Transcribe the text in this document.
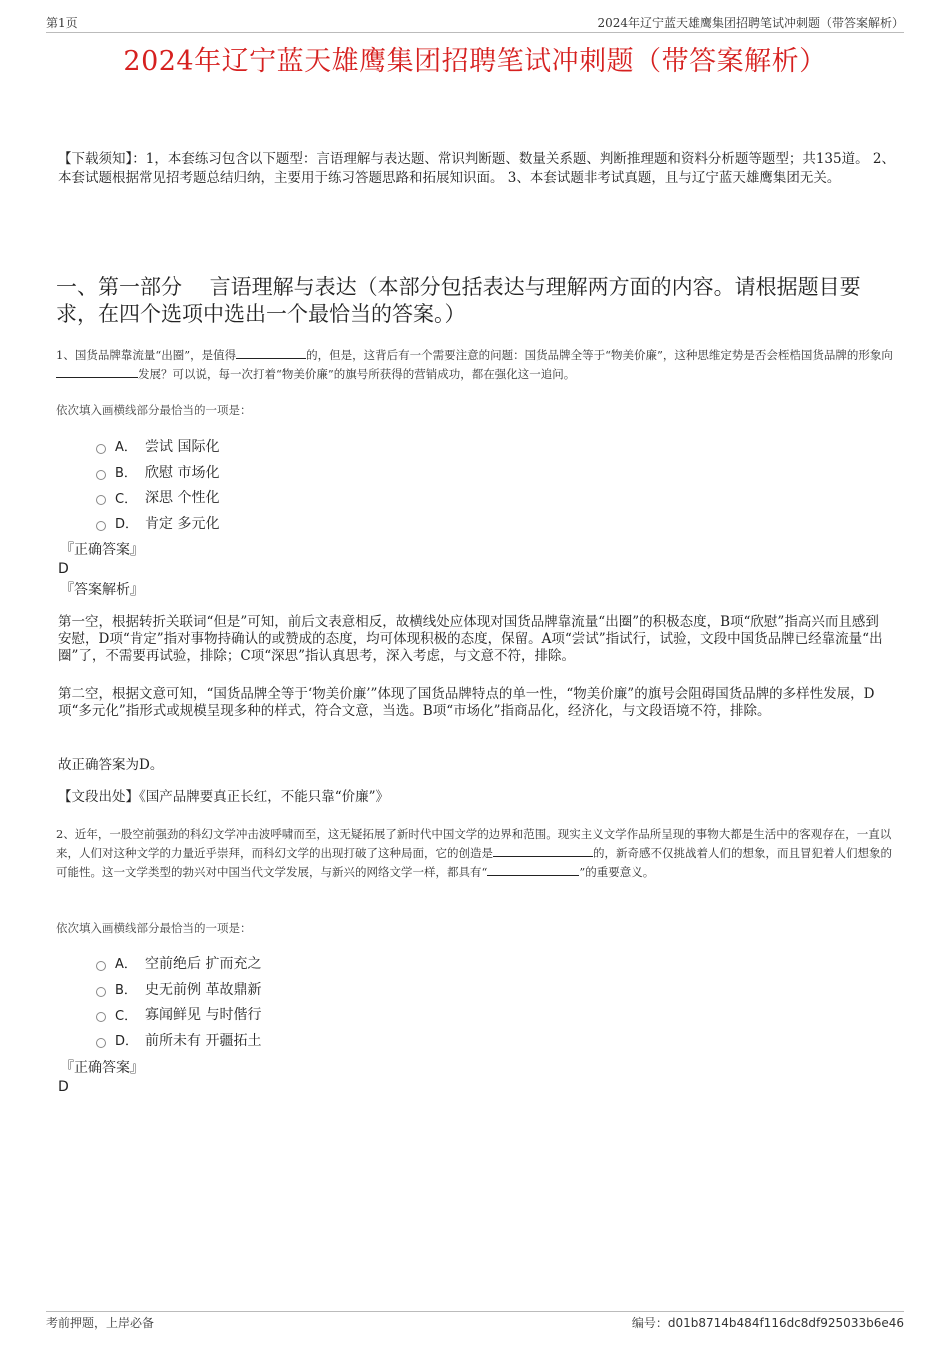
第1页	2024年辽宁蓝天雄鹰集团招聘笔试冲刺题（带答案解析）
2024年辽宁蓝天雄鹰集团招聘笔试冲刺题（带答案解析）
【下载须知】：1，本套练习包含以下题型：言语理解与表达题、常识判断题、数量关系题、判断推理题和资料分析题等题型；共135道。 2、本套试题根据常见招考题总结归纳，主要用于练习答题思路和拓展知识面。 3、本套试题非考试真题，且与辽宁蓝天雄鹰集团无关。
一、第一部分　 言语理解与表达（本部分包括表达与理解两方面的内容。请根据题目要求，在四个选项中选出一个最恰当的答案。）
1、国货品牌靠流量“出圈”，是值得	的，但是，这背后有一个需要注意的问题：国货品牌全等于“物美价廉”，这种思维定势是否会桎梏国货品牌的形象向发展？可以说，每一次打着“物美价廉”的旗号所获得的营销成功，都在强化这一追问。
依次填入画横线部分最恰当的一项是：
A． 尝试 国际化
B． 欣慰 市场化
C． 深思 个性化
D． 肯定 多元化
『正确答案』
D
『答案解析』
第一空，根据转折关联词“但是”可知，前后文表意相反，故横线处应体现对国货品牌靠流量“出圈”的积极态度，B项“欣慰”指高兴而且感到安慰，D项“肯定”指对事物持确认的或赞成的态度，均可体现积极的态度，保留。A项“尝试”指试行，试验，文段中国货品牌已经靠流量“出圈”了，不需要再试验，排除；C项“深思”指认真思考，深入考虑，与文意不符，排除。
第二空，根据文意可知，“国货品牌全等于‘物美价廉’”体现了国货品牌特点的单一性，“物美价廉”的旗号会阻碍国货品牌的多样性发展，D项“多元化”指形式或规模呈现多种的样式，符合文意，当选。B项“市场化”指商品化，经济化，与文段语境不符，排除。
故正确答案为D。
【文段出处】《国产品牌要真正长红，不能只靠“价廉”》
2、近年，一股空前强劲的科幻文学冲击波呼啸而至，这无疑拓展了新时代中国文学的边界和范围。现实主义文学作品所呈现的事物大都是生活中的客观存在，一直以来，人们对这种文学的力量近乎崇拜，而科幻文学的出现打破了这种局面，它的创造是	的，新奇感不仅挑战着人们的想象，而且冒犯着人们想象的可能性。这一文学类型的勃兴对中国当代文学发展，与新兴的网络文学一样，都具有“	”的重要意义。
依次填入画横线部分最恰当的一项是：
A． 空前绝后 扩而充之
B． 史无前例 革故鼎新
C． 寡闻鲜见 与时偕行
D． 前所未有 开疆拓土
『正确答案』
D
考前押题，上岸必备	编号：d01b8714b484f116dc8df925033b6e46
